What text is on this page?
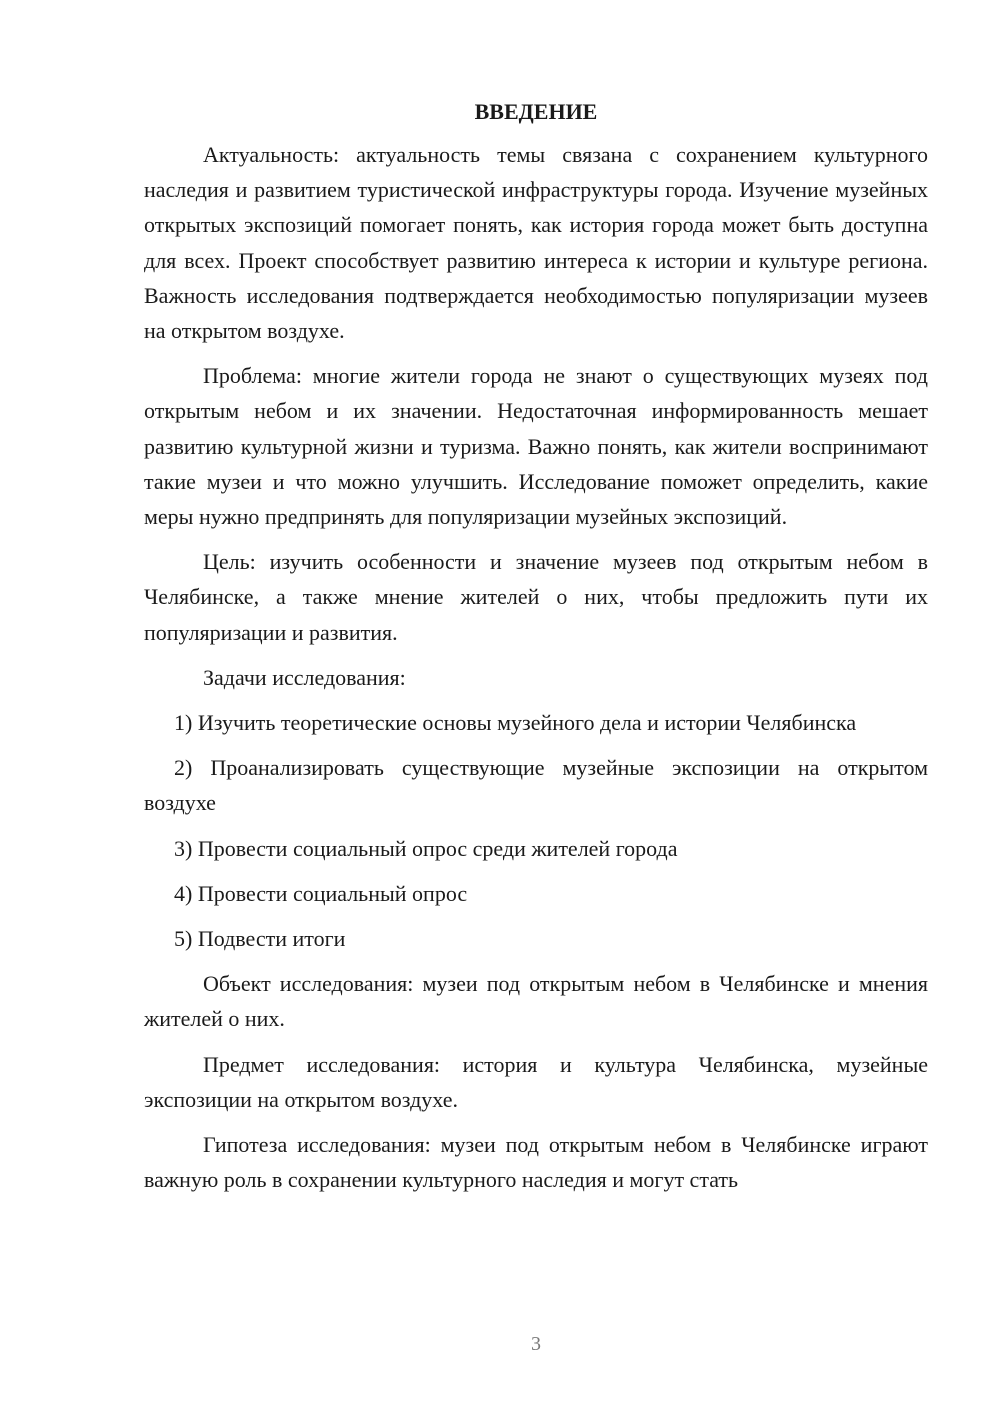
ВВЕДЕНИЕ

Актуальность: актуальность темы связана с сохранением культурного наследия и развитием туристической инфраструктуры города. Изучение музейных открытых экспозиций помогает понять, как история города может быть доступна для всех. Проект способствует развитию интереса к истории и культуре региона. Важность исследования подтверждается необходимостью популяризации музеев на открытом воздухе.

Проблема: многие жители города не знают о существующих музеях под открытым небом и их значении. Недостаточная информированность мешает развитию культурной жизни и туризма. Важно понять, как жители воспринимают такие музеи и что можно улучшить. Исследование поможет определить, какие меры нужно предпринять для популяризации музейных экспозиций.

Цель: изучить особенности и значение музеев под открытым небом в Челябинске, а также мнение жителей о них, чтобы предложить пути их популяризации и развития.

Задачи исследования:

1) Изучить теоретические основы музейного дела и истории Челябинска

2) Проанализировать существующие музейные экспозиции на открытом воздухе

3) Провести социальный опрос среди жителей города

4) Провести социальный опрос

5) Подвести итоги

Объект исследования: музеи под открытым небом в Челябинске и мнения жителей о них.

Предмет исследования: история и культура Челябинска, музейные экспозиции на открытом воздухе.

Гипотеза исследования: музеи под открытым небом в Челябинске играют важную роль в сохранении культурного наследия и могут стать

3
